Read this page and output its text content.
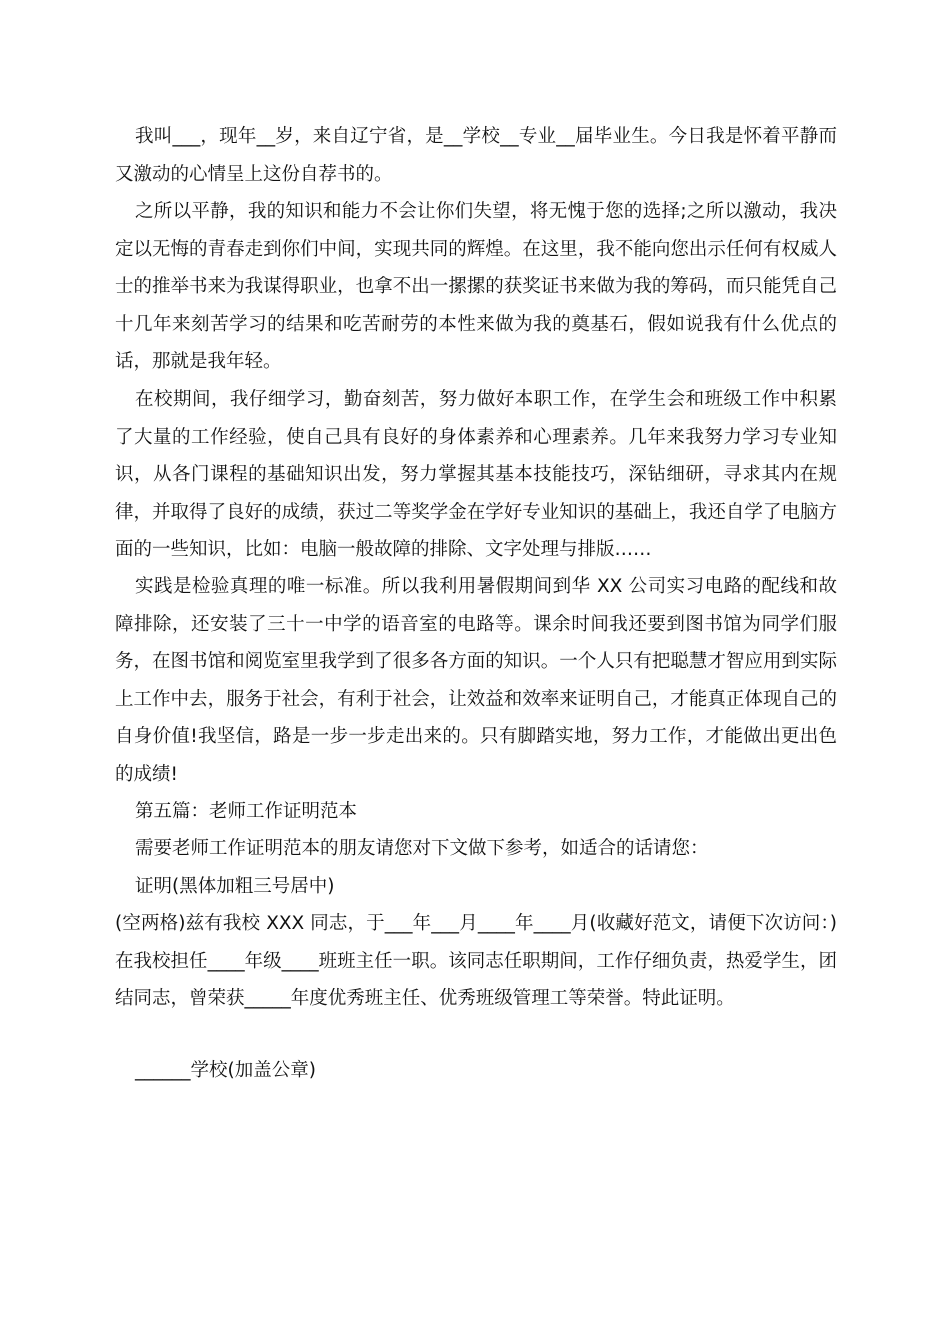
我叫___，现年__岁，来自辽宁省，是__学校__专业__届毕业生。今日我是怀着平静而又激动的心情呈上这份自荐书的。

之所以平静，我的知识和能力不会让你们失望，将无愧于您的选择;之所以激动，我决定以无悔的青春走到你们中间，实现共同的辉煌。在这里，我不能向您出示任何有权威人士的推举书来为我谋得职业，也拿不出一摞摞的获奖证书来做为我的筹码，而只能凭自己十几年来刻苦学习的结果和吃苦耐劳的本性来做为我的奠基石，假如说我有什么优点的话，那就是我年轻。

在校期间，我仔细学习，勤奋刻苦，努力做好本职工作，在学生会和班级工作中积累了大量的工作经验，使自己具有良好的身体素养和心理素养。几年来我努力学习专业知识，从各门课程的基础知识出发，努力掌握其基本技能技巧，深钻细研，寻求其内在规律，并取得了良好的成绩，获过二等奖学金在学好专业知识的基础上，我还自学了电脑方面的一些知识，比如：电脑一般故障的排除、文字处理与排版……

实践是检验真理的唯一标准。所以我利用暑假期间到华 XX 公司实习电路的配线和故障排除，还安装了三十一中学的语音室的电路等。课余时间我还要到图书馆为同学们服务，在图书馆和阅览室里我学到了很多各方面的知识。一个人只有把聪慧才智应用到实际上工作中去，服务于社会，有利于社会，让效益和效率来证明自己，才能真正体现自己的自身价值!我坚信，路是一步一步走出来的。只有脚踏实地，努力工作，才能做出更出色的成绩!

第五篇：老师工作证明范本

需要老师工作证明范本的朋友请您对下文做下参考，如适合的话请您：

证明(黑体加粗三号居中)

(空两格)兹有我校 XXX 同志，于___年___月____年____月(收藏好范文，请便下次访问：)在我校担任____年级____班班主任一职。该同志任职期间，工作仔细负责，热爱学生，团结同志，曾荣获_____年度优秀班主任、优秀班级管理工等荣誉。特此证明。

______学校(加盖公章)
